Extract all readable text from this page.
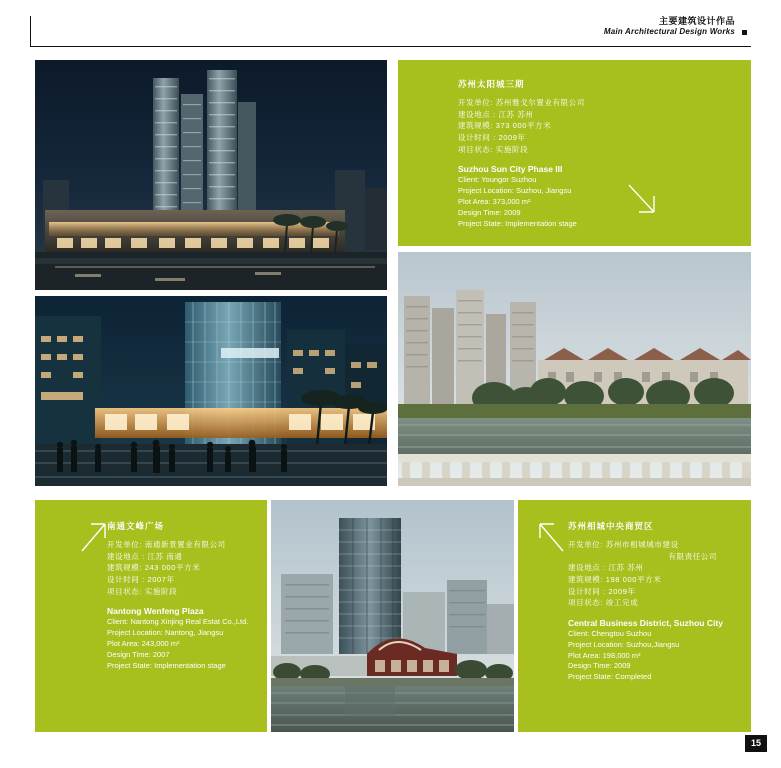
主要建筑设计作品
Main Architectural Design Works
苏州太阳城三期
开发单位: 苏州雅戈尔置业有限公司
建设地点 : 江苏 苏州
建筑规模: 373 000平方米
设计时间 : 2009年
项目状态: 实施阶段
Suzhou Sun City Phase III
Client: Youngor Suzhou
Project Location: Suzhou, Jiangsu
Plot Area: 373,000 m²
Design Time: 2009
Project State: Implementation stage
南通文峰广场
开发单位: 南通新景置业有限公司
建设地点 : 江苏 南通
建筑规模: 243 000平方米
设计时间 : 2007年
项目状态: 实施阶段
Nantong Wenfeng Plaza
Client: Nantong Xinjing Real Estat Co.,Ltd.
Project Location: Nantong, Jiangsu
Plot Area: 243,000 m²
Design Time: 2007
Project State: Implementation stage
苏州相城中央商贸区
开发单位: 苏州市相城城市建设
有限责任公司
建设地点 : 江苏 苏州
建筑规模: 198 000平方米
设计时间 : 2009年
项目状态: 竣工完成
Central Business District, Suzhou City
Client: Chengtou Suzhou
Project Location: Suzhou,Jiangsu
Plot Area: 198,000 m²
Design Time: 2009
Project State: Completed
15
